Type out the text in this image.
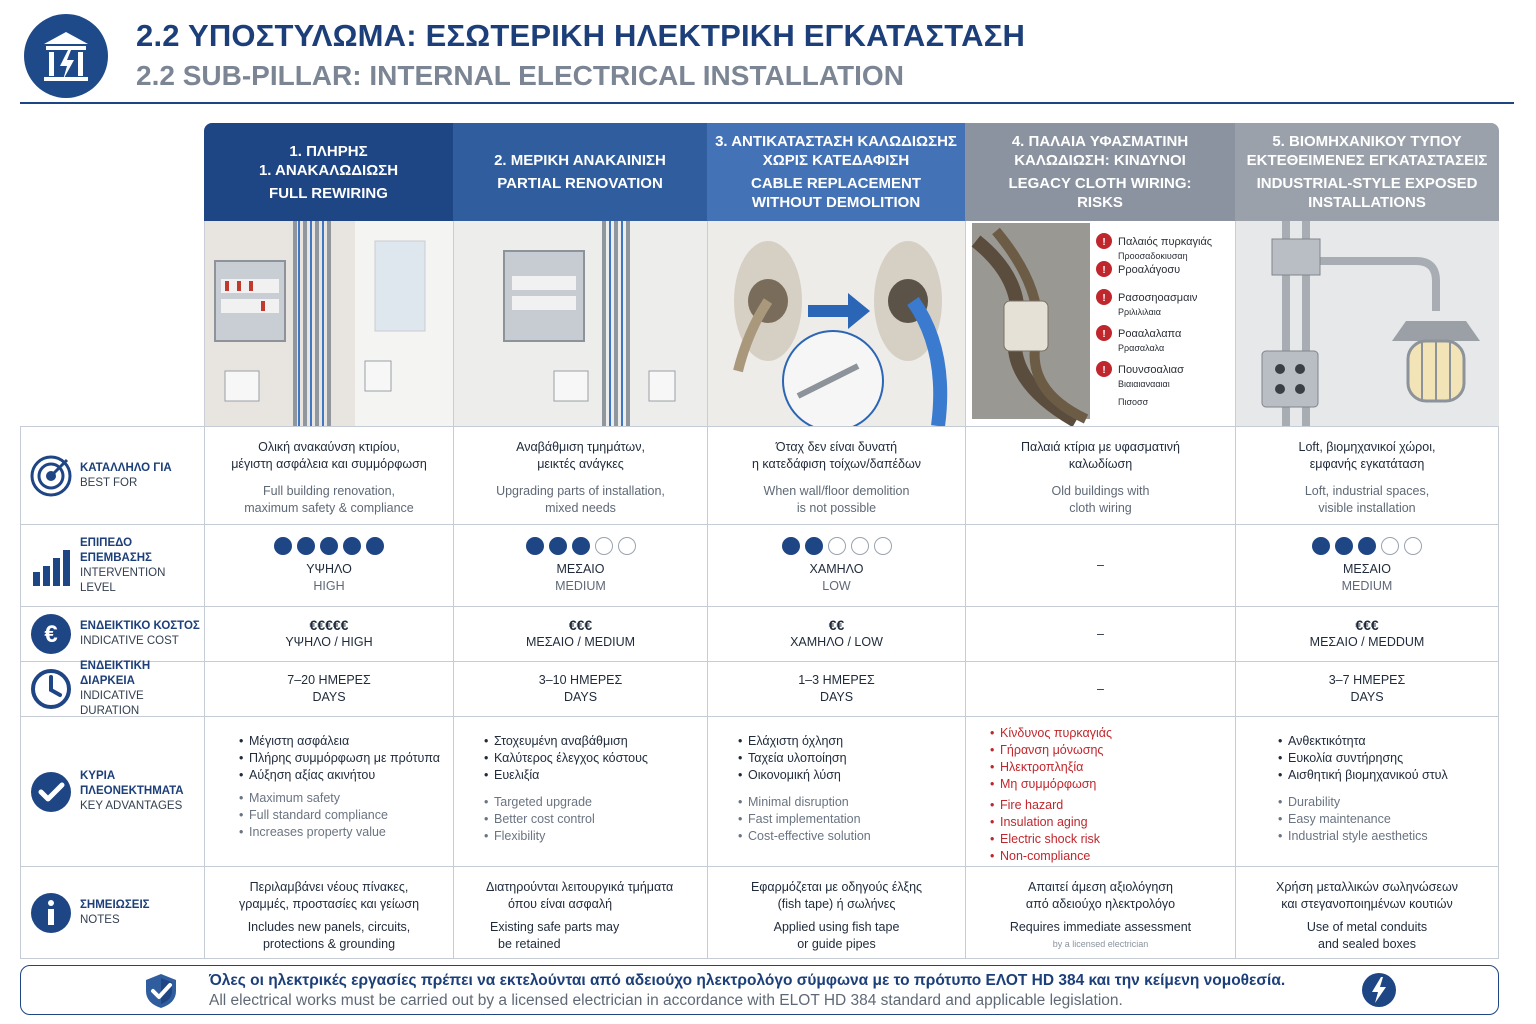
2.2 ΥΠΟΣΤΥΛΩΜΑ: ΕΣΩΤΕΡΙΚΗ ΗΛΕΚΤΡΙΚΗ ΕΓΚΑΤΑΣΤΑΣΗ
2.2 SUB-PILLAR: INTERNAL ELECTRICAL INSTALLATION
1. ΠΛΗΡΗΣ
1. ΑΝΑΚΑΛΩΔΙΩΣΗ
FULL REWIRING
2. ΜΕΡΙΚΗ ΑΝΑΚΑΙΝΙΣΗ
PARTIAL RENOVATION
3. ΑΝΤΙΚΑΤΑΣΤΑΣΗ ΚΑΛΩΔΙΩΣΗΣ
ΧΩΡΙΣ ΚΑΤΕΔΑΦΙΣΗ
CABLE REPLACEMENT
WITHOUT DEMOLITION
4. ΠΑΛΑΙΑ ΥΦΑΣΜΑΤΙΝΗ
ΚΑΛΩΔΙΩΣΗ: ΚΙΝΔΥΝΟΙ
LEGACY CLOTH WIRING:
RISKS
5. ΒΙΟΜΗΧΑΝΙΚΟΥ ΤΥΠΟΥ
ΕΚΤΕΘΕΙΜΕΝΕΣ ΕΓΚΑΤΑΣΤΑΣΕΙΣ
INDUSTRIAL-STYLE EXPOSED
INSTALLATIONS
!
!
!
!
!
Παλαιός πυρκαγιάς
Προοσαδοκιυσαη
Ρροαλάγοσυ
Ρασοσηοασμαιν
Ρριλιλιλαια
Ροααλαλαπα
Ρρασαλαλα
Πουνσοαλιασ
Βιαιαιανααιαι
Πισοσσ
ΚΑΤΑΛΛΗΛΟ ΓΙΑ
BEST FOR
Ολική ανακαύνση κτιρίου,
μέγιστη ασφάλεια και συμμόρφωση
Full building renovation,
maximum safety & compliance
Αναβάθμιση τμημάτων,
μεικτές ανάγκες
Upgrading parts of installation,
mixed needs
Όταχ δεν είναι δυνατή
η κατεδάφιση τοίχων/δαπέδων
When wall/floor demolition
is not possible
Παλαιά κτίρια με υφασματινή
καλωδίωση
Old buildings with
cloth wiring
Loft, βιομηχανικοί χώροι,
εμφανής εγκατάταση
Loft, industrial spaces,
visible installation
ΕΠΙΠΕΔΟ ΕΠΕΜΒΑΣΗΣ
INTERVENTION LEVEL
ΥΨΗΛΟ
HIGH
ΜΕΣΑΙΟ
MEDIUM
ΧΑΜΗΛΟ
LOW
–	ΜΕΣΑΙΟ
MEDIUM
€ ΕΝΔΕΙΚΤΙΚΟ ΚΟΣΤΟΣ
INDICATIVE COST
€€€€€
ΥΨΗΛΟ / HIGH
€€€
ΜΕΣΑΙΟ / MEDIUM
€€
ΧΑΜΗΛΟ / LOW
–
€€€
ΜΕΣΑΙΟ / MEDDUM
ΕΝΔΕΙΚΤΙΚΗ ΔΙΑΡΚΕΙΑ
INDICATIVE DURATION
7–20 ΗΜΕΡΕΣ
DAYS
3–10 ΗΜΕΡΕΣ
DAYS
1–3 ΗΜΕΡΕΣ
DAYS
–
3–7 ΗΜΕΡΕΣ
DAYS
ΚΥΡΙΑ ΠΛΕΟΝΕΚΤΗΜΑΤΑ
KEY ADVANTAGES
• Μέγιστη ασφάλεια
• Πλήρης συμμόρφωση με πρότυπα
• Αύξηση αξίας ακινήτου
• Maximum safety
• Full standard compliance
• Increases property value
• Στοχευμένη αναβάθμιση
• Καλύτερος έλεγχος κόστους
• Ευελιξία
• Targeted upgrade
• Better cost control
• Flexibility
• Ελάχιστη όχληση
• Ταχεία υλοποίηση
• Οικονομική λύση
• Minimal disruption
• Fast implementation
• Cost-effective solution
• Κίνδυνος πυρκαγιάς
• Γήρανση μόνωσης
• Ηλεκτροπληξία
• Μη συμμόρφωση
• Fire hazard
• Insulation aging
• Electric shock risk
• Non-compliance
• Ανθεκτικότητα
• Ευκολία συντήρησης
• Αισθητική βιομηχανικού στυλ
• Durability
• Easy maintenance
• Industrial style aesthetics
ΣΗΜΕΙΩΣΕΙΣ
NOTES
Περιλαμβάνει νέους πίνακες,
γραμμές, προστασίες και γείωση
Includes new panels, circuits,
protections & grounding
Διατηρούνται λειτουργικά τμήματα
όπου είναι ασφαλή
Existing safe parts may
be retained
Εφαρμόζεται με οδηγούς έλξης
(fish tape) ή σωλήνες
Applied using fish tape
or guide pipes
Απαιτεί άμεση αξιολόγηση
από αδειούχο ηλεκτρολόγο
Requires immediate assessment
by a licensed electrician
Χρήση μεταλλικών σωληνώσεων
και στεγανοποιημένων κουτιών
Use of metal conduits
and sealed boxes
Όλες οι ηλεκτρικές εργασίες πρέπει να εκτελούνται από αδειούχο ηλεκτρολόγο σύμφωνα με το πρότυπο ΕΛΟΤ HD 384 και την κείμενη νομοθεσία.
All electrical works must be carried out by a licensed electrician in accordance with ELOT HD 384 standard and applicable legislation.
